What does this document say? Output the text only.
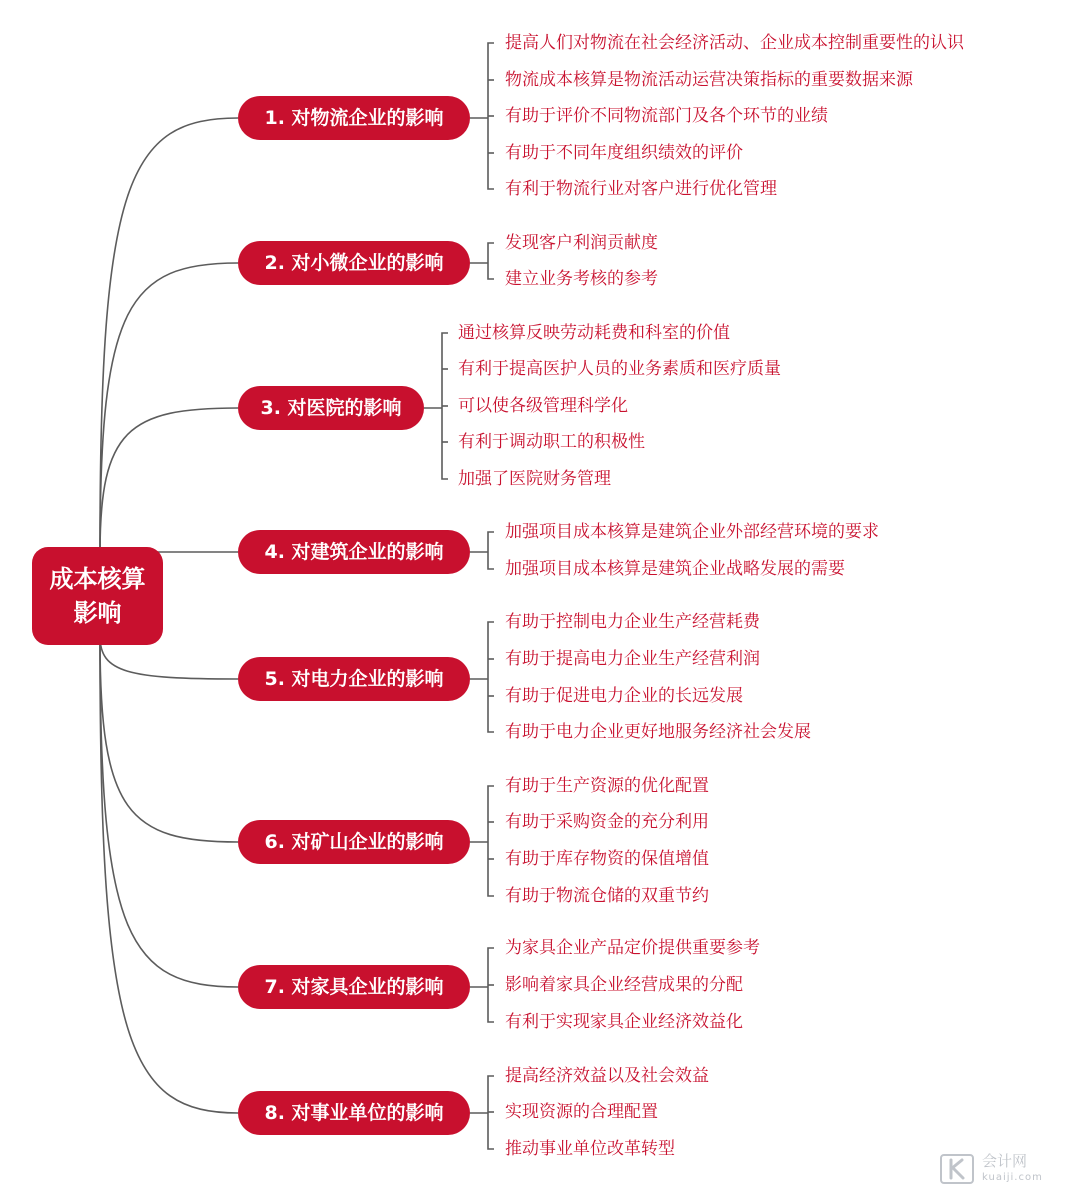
成本核算
影响
1. 对物流企业的影响
提高人们对物流在社会经济活动、企业成本控制重要性的认识
物流成本核算是物流活动运营决策指标的重要数据来源
有助于评价不同物流部门及各个环节的业绩
有助于不同年度组织绩效的评价
有利于物流行业对客户进行优化管理
2. 对小微企业的影响
发现客户利润贡献度
建立业务考核的参考
3. 对医院的影响
通过核算反映劳动耗费和科室的价值
有利于提高医护人员的业务素质和医疗质量
可以使各级管理科学化
有利于调动职工的积极性
加强了医院财务管理
4. 对建筑企业的影响
加强项目成本核算是建筑企业外部经营环境的要求
加强项目成本核算是建筑企业战略发展的需要
5. 对电力企业的影响
有助于控制电力企业生产经营耗费
有助于提高电力企业生产经营利润
有助于促进电力企业的长远发展
有助于电力企业更好地服务经济社会发展
6. 对矿山企业的影响
有助于生产资源的优化配置
有助于采购资金的充分利用
有助于库存物资的保值增值
有助于物流仓储的双重节约
7. 对家具企业的影响
为家具企业产品定价提供重要参考
影响着家具企业经营成果的分配
有利于实现家具企业经济效益化
8. 对事业单位的影响
提高经济效益以及社会效益
实现资源的合理配置
推动事业单位改革转型
会计网
kuaiji.com
